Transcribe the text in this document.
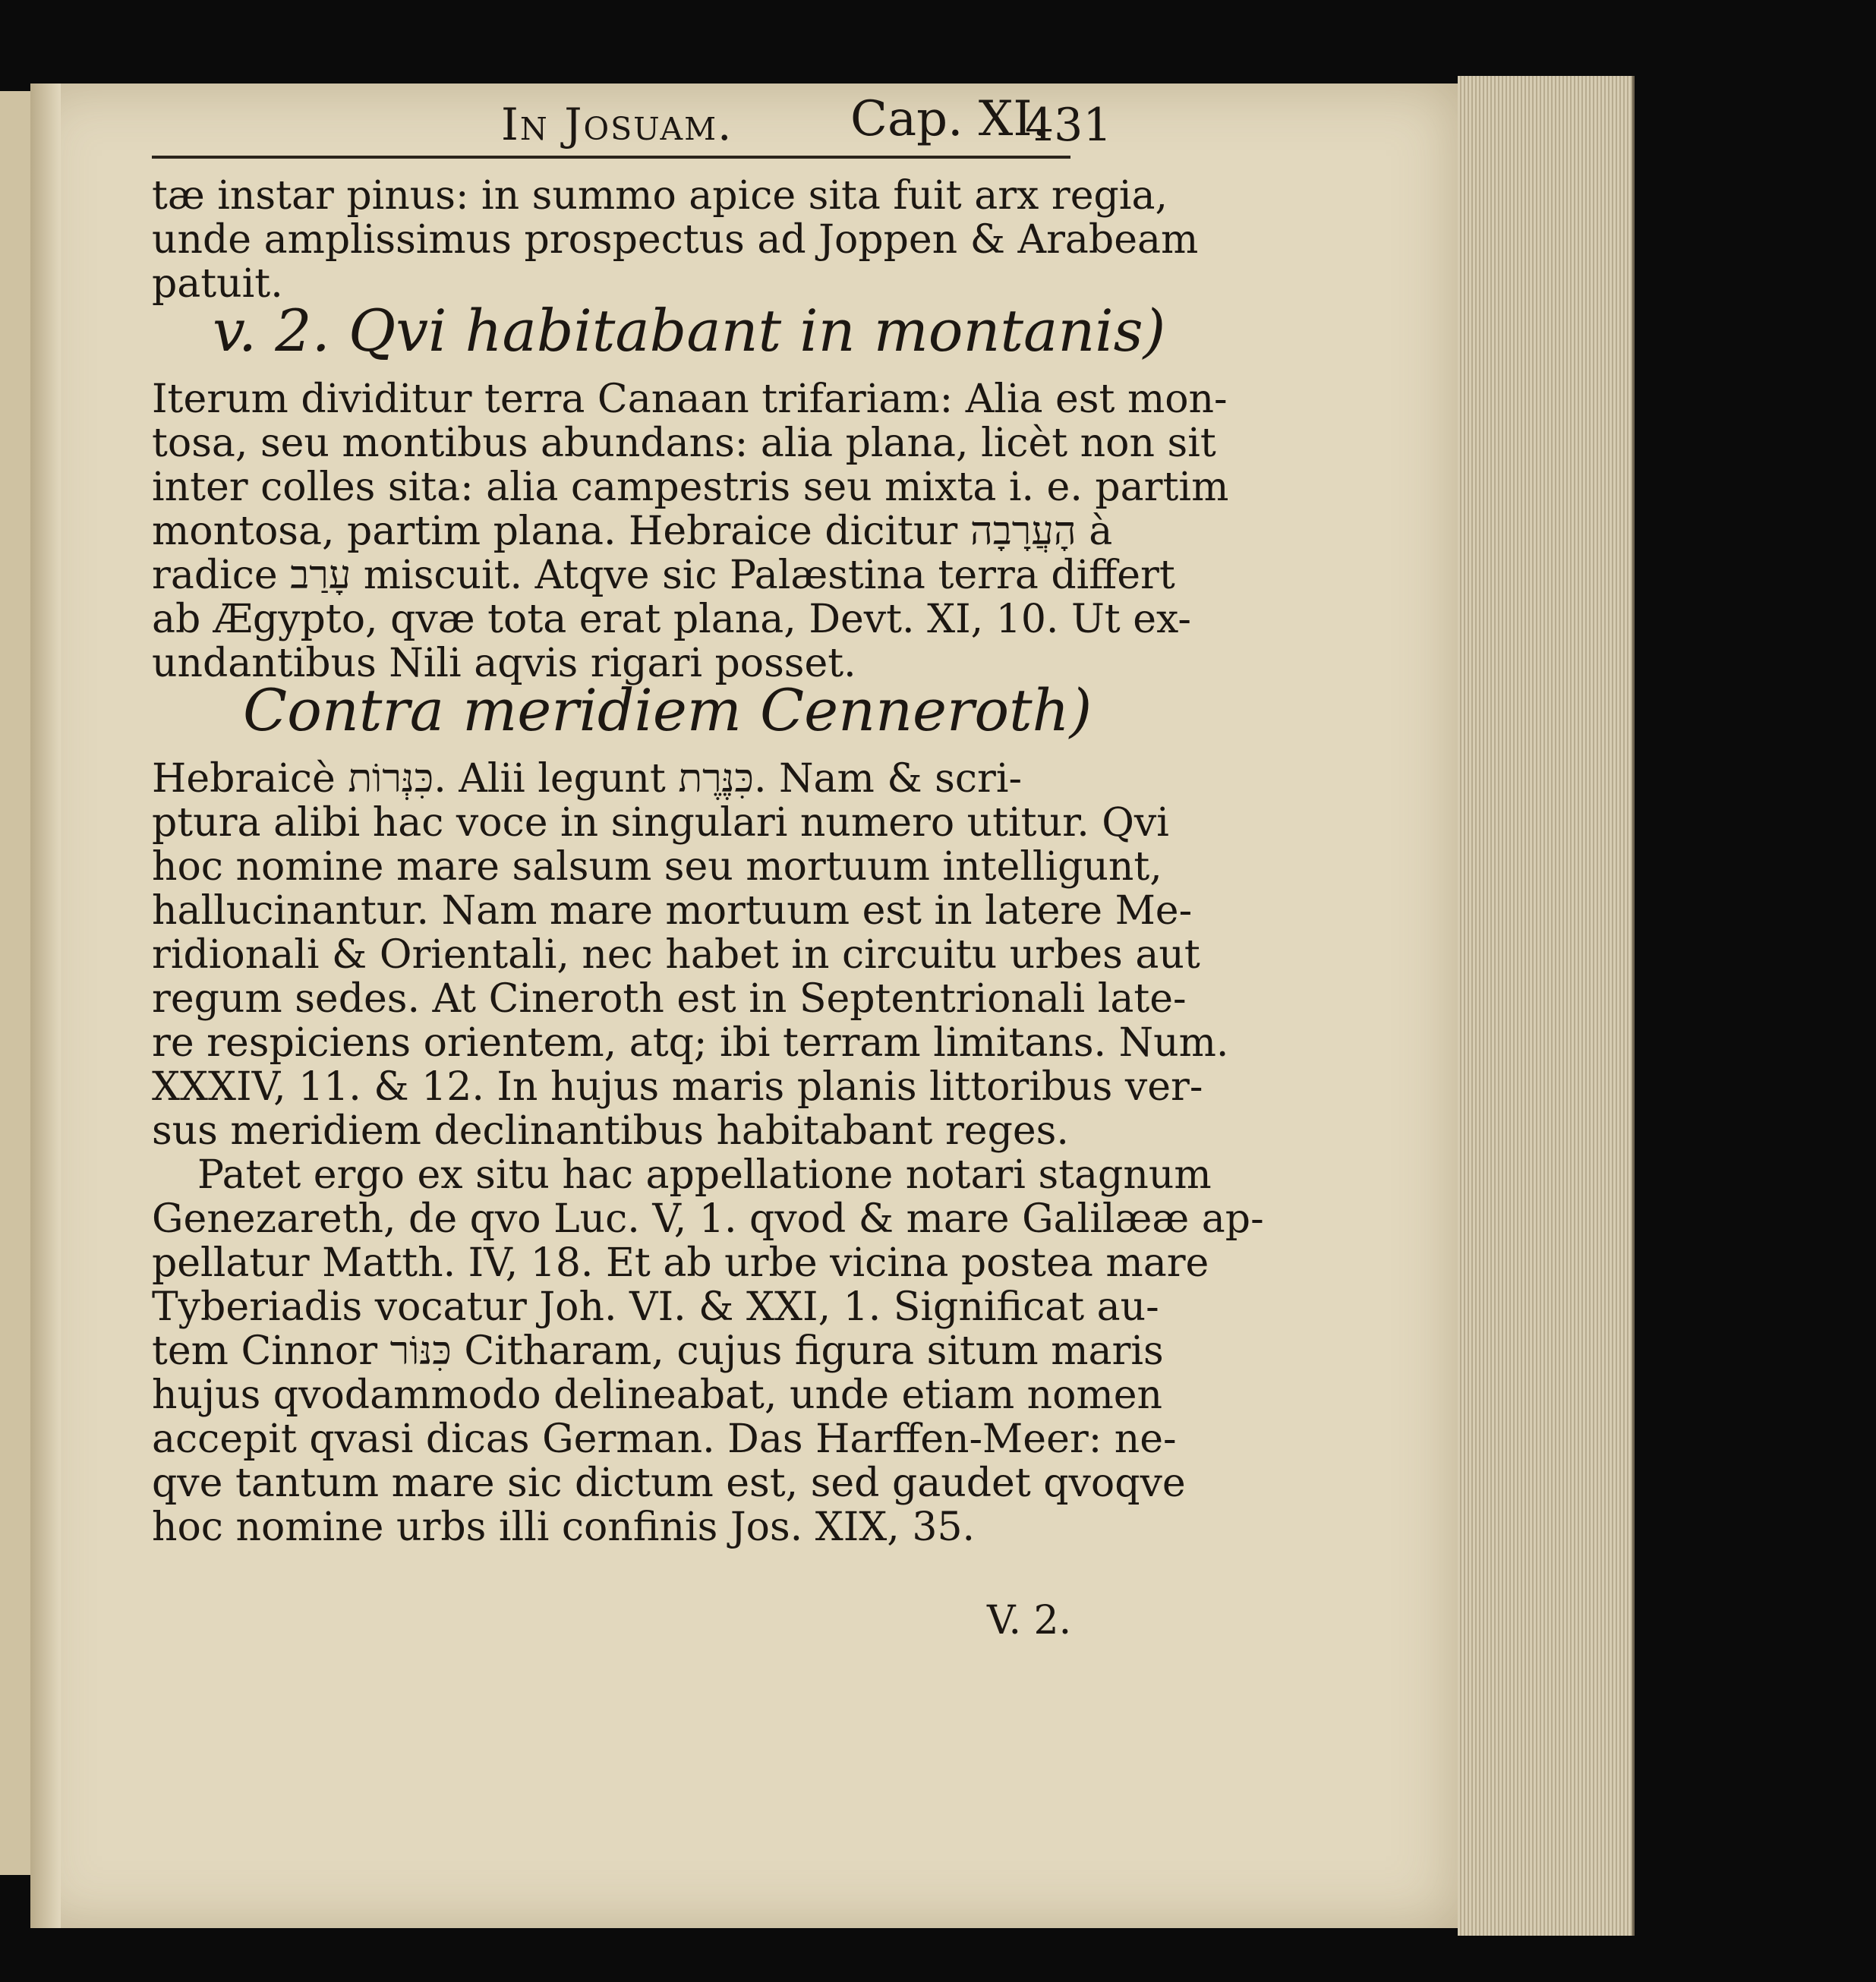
In Josuam. Cap. XI.
431
tæ instar pinus: in summo apice sita fuit arx regia,
unde amplissimus prospectus ad Joppen & Arabeam
patuit.
v. 2. Qvi habitabant in montanis)
Iterum dividitur terra Canaan trifariam: Alia est mon-
tosa, seu montibus abundans: alia plana, licèt non sit
inter colles sita: alia campestris seu mixta i. e. partim
montosa, partim plana. Hebraice dicitur הָעֲרָבָה à
radice עָרַב miscuit. Atqve sic Palæstina terra differt
ab Ægypto, qvæ tota erat plana, Devt. XI, 10. Ut ex-
undantibus Nili aqvis rigari posset.
Contra meridiem Cenneroth)
Hebraicè כִּנְּרוֹת. Alii legunt כִּנֶּרֶת. Nam & scri-
ptura alibi hac voce in singulari numero utitur. Qvi
hoc nomine mare salsum seu mortuum intelligunt,
hallucinantur. Nam mare mortuum est in latere Me-
ridionali & Orientali, nec habet in circuitu urbes aut
regum sedes. At Cineroth est in Septentrionali late-
re respiciens orientem, atq; ibi terram limitans. Num.
XXXIV, 11. & 12. In hujus maris planis littoribus ver-
sus meridiem declinantibus habitabant reges.
Patet ergo ex situ hac appellatione notari stagnum
Genezareth, de qvo Luc. V, 1. qvod & mare Galilææ ap-
pellatur Matth. IV, 18. Et ab urbe vicina postea mare
Tyberiadis vocatur Joh. VI. & XXI, 1. Significat au-
tem Cinnor כִּנּוֹר Citharam, cujus figura situm maris
hujus qvodammodo delineabat, unde etiam nomen
accepit qvasi dicas German. Das Harffen-Meer: ne-
qve tantum mare sic dictum est, sed gaudet qvoqve
hoc nomine urbs illi confinis Jos. XIX, 35.
V. 2.
